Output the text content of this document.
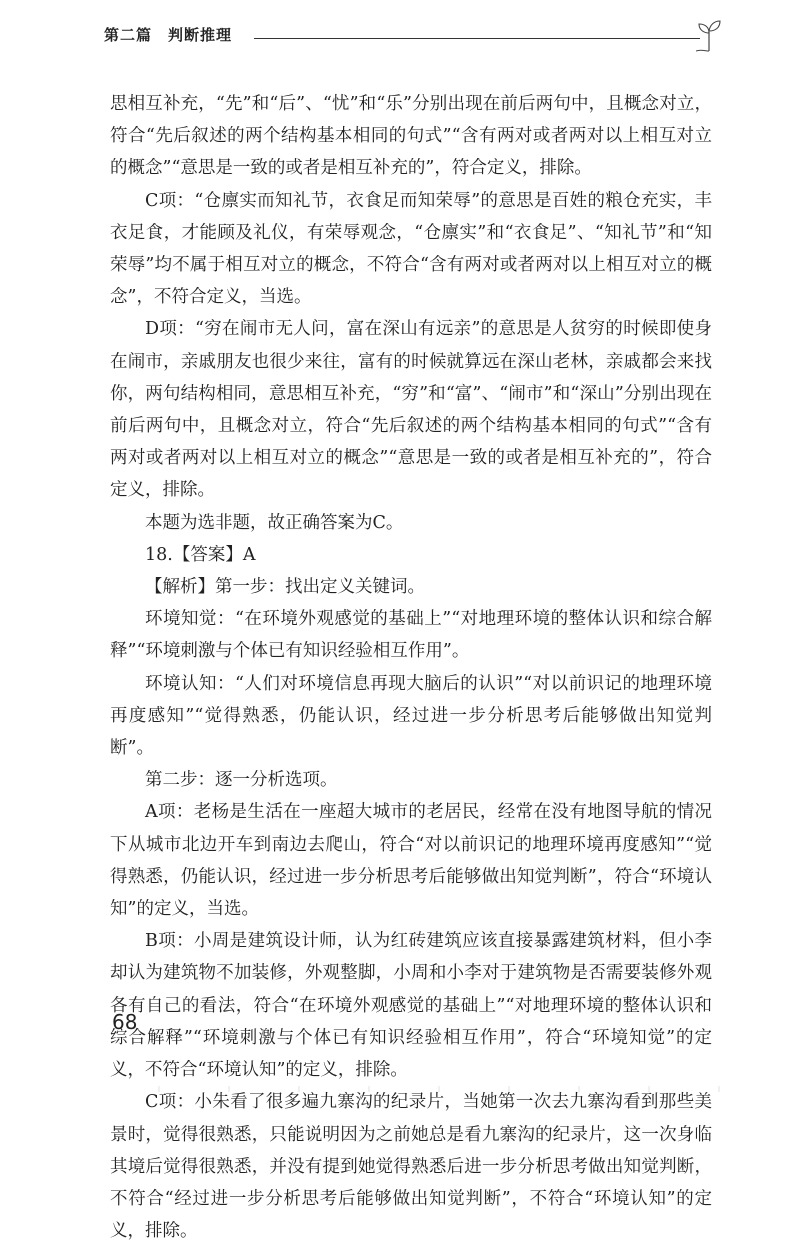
第二篇　判断推理

思相互补充，“先”和“后”、“忧”和“乐”分别出现在前后两句中，且概念对立，符合“先后叙述的两个结构基本相同的句式”“含有两对或者两对以上相互对立的概念”“意思是一致的或者是相互补充的”，符合定义，排除。

C项：“仓廪实而知礼节，衣食足而知荣辱”的意思是百姓的粮仓充实，丰衣足食，才能顾及礼仪，有荣辱观念，“仓廪实”和“衣食足”、“知礼节”和“知荣辱”均不属于相互对立的概念，不符合“含有两对或者两对以上相互对立的概念”，不符合定义，当选。

D项：“穷在闹市无人问，富在深山有远亲”的意思是人贫穷的时候即使身在闹市，亲戚朋友也很少来往，富有的时候就算远在深山老林，亲戚都会来找你，两句结构相同，意思相互补充，“穷”和“富”、“闹市”和“深山”分别出现在前后两句中，且概念对立，符合“先后叙述的两个结构基本相同的句式”“含有两对或者两对以上相互对立的概念”“意思是一致的或者是相互补充的”，符合定义，排除。

本题为选非题，故正确答案为C。

18.【答案】A

【解析】第一步：找出定义关键词。

环境知觉：“在环境外观感觉的基础上”“对地理环境的整体认识和综合解释”“环境刺激与个体已有知识经验相互作用”。

环境认知：“人们对环境信息再现大脑后的认识”“对以前识记的地理环境再度感知”“觉得熟悉，仍能认识，经过进一步分析思考后能够做出知觉判断”。

第二步：逐一分析选项。

A项：老杨是生活在一座超大城市的老居民，经常在没有地图导航的情况下从城市北边开车到南边去爬山，符合“对以前识记的地理环境再度感知”“觉得熟悉，仍能认识，经过进一步分析思考后能够做出知觉判断”，符合“环境认知”的定义，当选。

B项：小周是建筑设计师，认为红砖建筑应该直接暴露建筑材料，但小李却认为建筑物不加装修，外观整脚，小周和小李对于建筑物是否需要装修外观各有自己的看法，符合“在环境外观感觉的基础上”“对地理环境的整体认识和综合解释”“环境刺激与个体已有知识经验相互作用”，符合“环境知觉”的定义，不符合“环境认知”的定义，排除。

C项：小朱看了很多遍九寨沟的纪录片，当她第一次去九寨沟看到那些美景时，觉得很熟悉，只能说明因为之前她总是看九寨沟的纪录片，这一次身临其境后觉得很熟悉，并没有提到她觉得熟悉后进一步分析思考做出知觉判断，不符合“经过进一步分析思考后能够做出知觉判断”，不符合“环境认知”的定义，排除。

68
